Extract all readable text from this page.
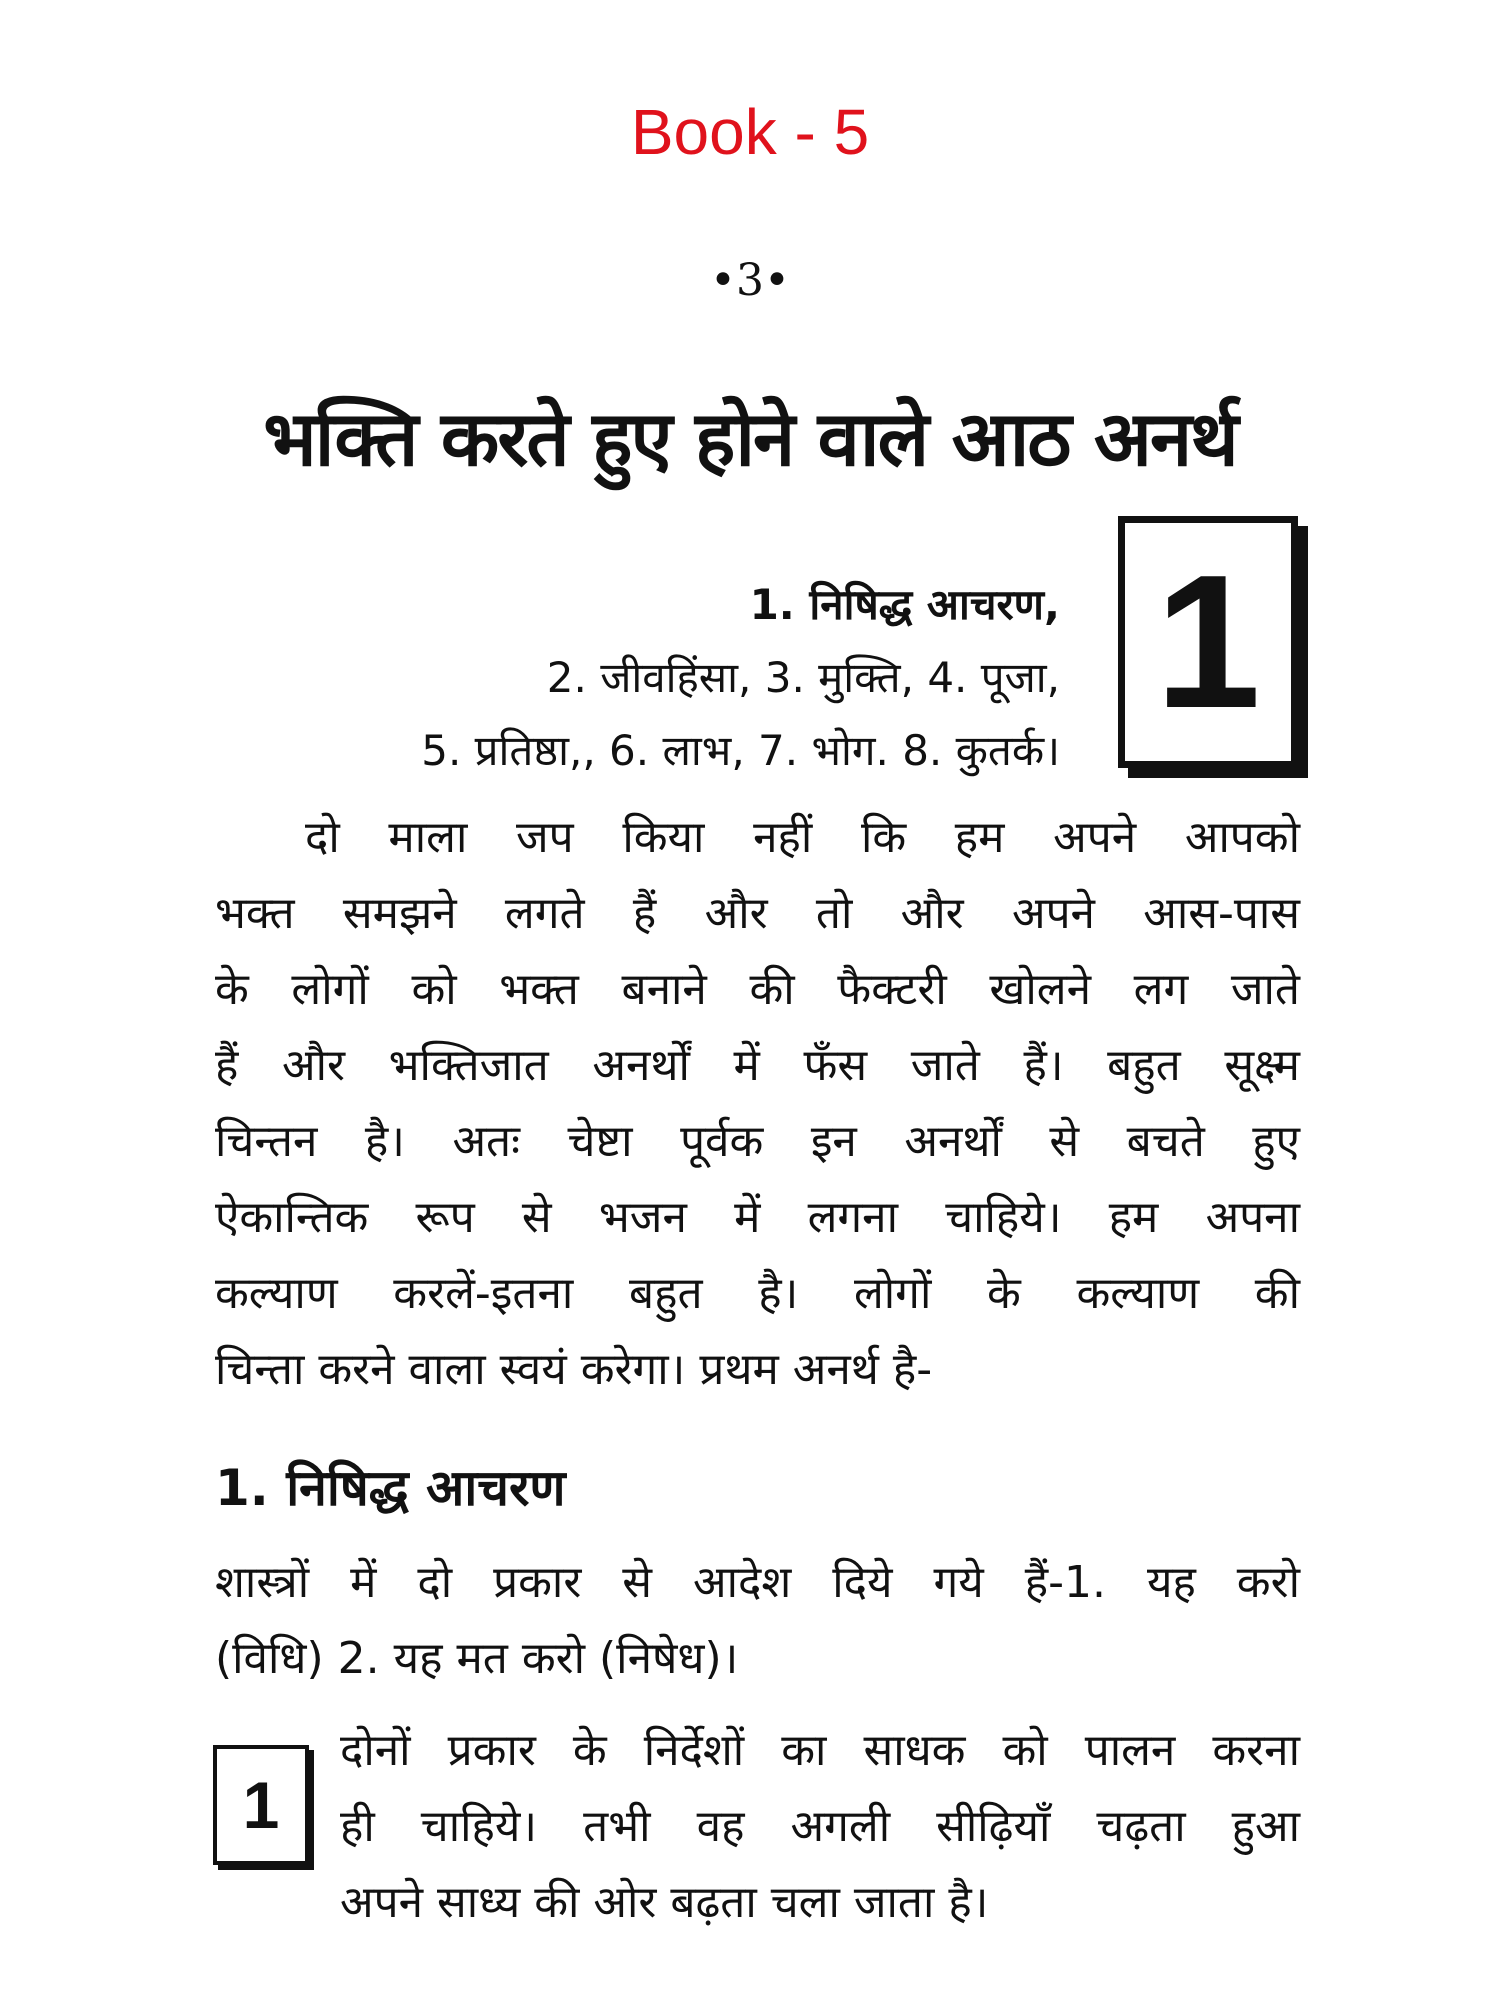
Book - 5
•3•
भक्ति करते हुए होने वाले आठ अनर्थ
1
1. निषिद्ध आचरण,
2. जीवहिंसा, 3. मुक्ति, 4. पूजा,
5. प्रतिष्ठा,, 6. लाभ, 7. भोग. 8. कुतर्क।
दो माला जप किया नहीं कि हम अपने आपको
भक्त समझने लगते हैं और तो और अपने आस-पास
के लोगों को भक्त बनाने की फैक्टरी खोलने लग जाते
हैं और भक्तिजात अनर्थों में फँस जाते हैं। बहुत सूक्ष्म
चिन्तन है। अतः चेष्टा पूर्वक इन अनर्थों से बचते हुए
ऐकान्तिक रूप से भजन में लगना चाहिये। हम अपना
कल्याण करलें-इतना बहुत है। लोगों के कल्याण की
चिन्ता करने वाला स्वयं करेगा। प्रथम अनर्थ है-
1. निषिद्ध आचरण
शास्त्रों में दो प्रकार से आदेश दिये गये हैं-1. यह करो
(विधि) 2. यह मत करो (निषेध)।
1
दोनों प्रकार के निर्देशों का साधक को पालन करना
ही चाहिये। तभी वह अगली सीढ़ियाँ चढ़ता हुआ
अपने साध्य की ओर बढ़ता चला जाता है।
